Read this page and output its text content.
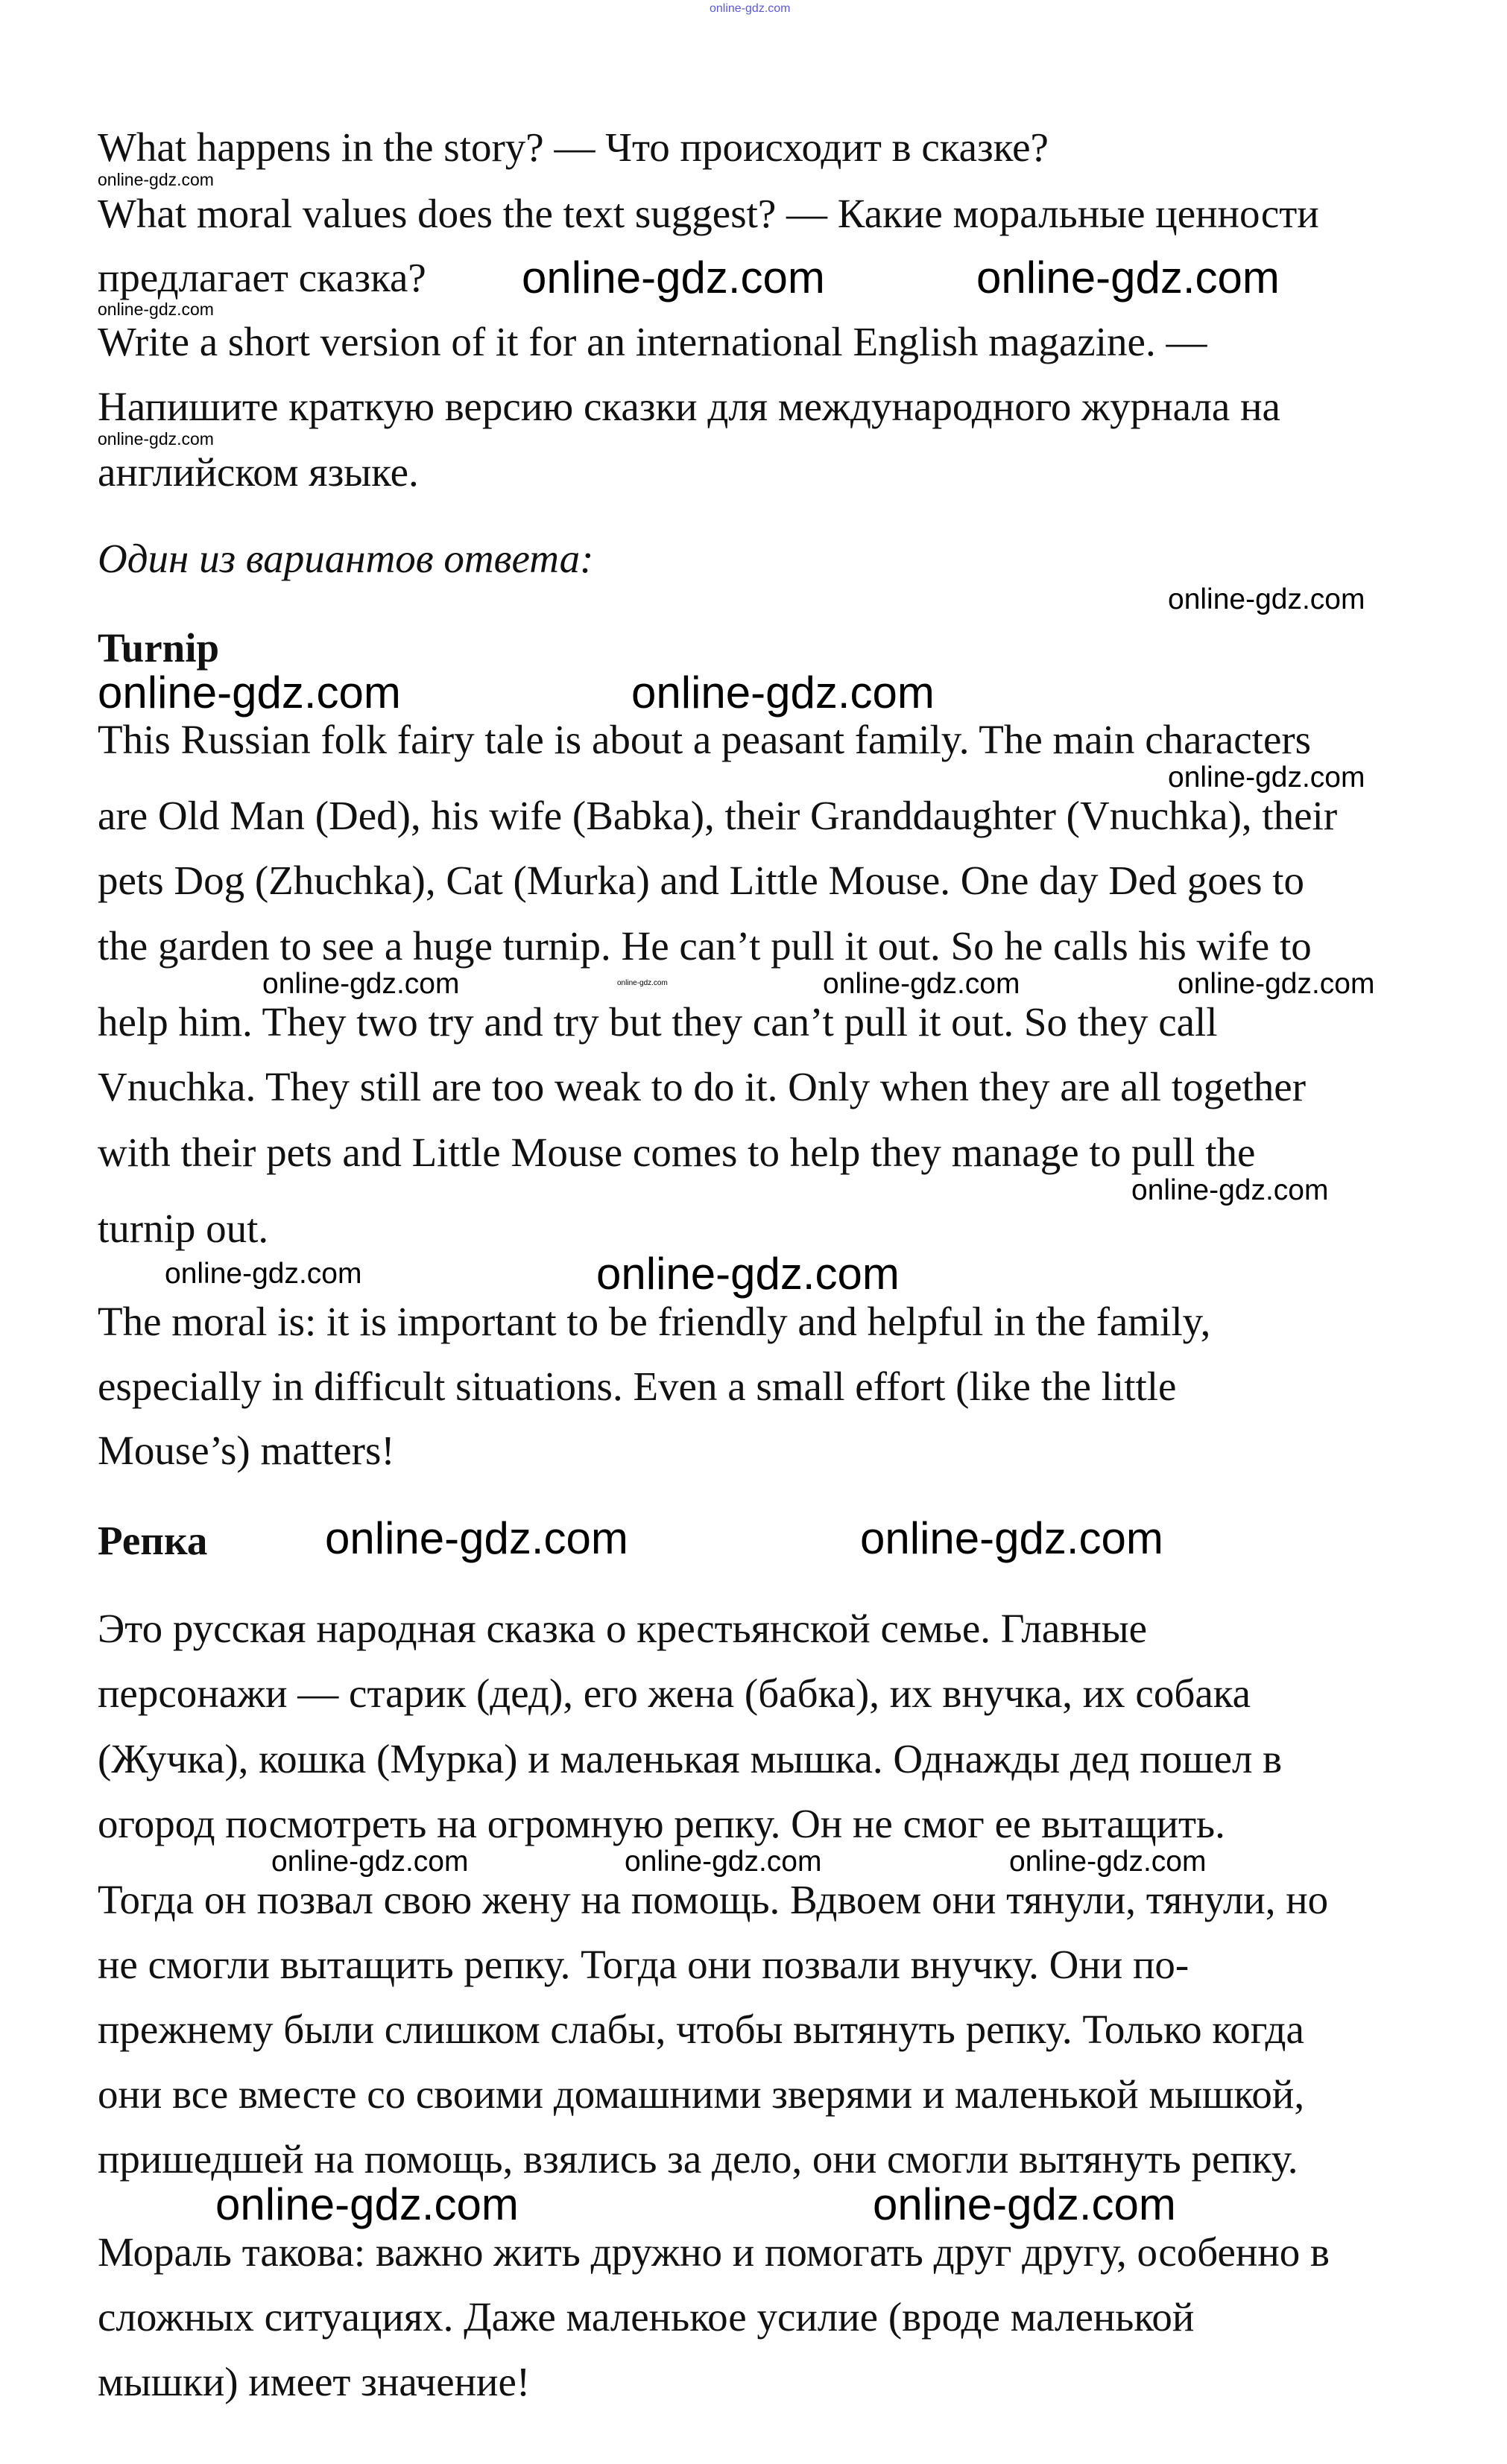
What happens in the story? — Что происходит в сказке?
What moral values does the text suggest? — Какие моральные ценности
предлагает сказка?
Write a short version of it for an international English magazine. —
Напишите краткую версию сказки для международного журнала на
английском языке.
Один из вариантов ответа:
Turnip
This Russian folk fairy tale is about a peasant family. The main characters
are Old Man (Ded), his wife (Babka), their Granddaughter (Vnuchka), their
pets Dog (Zhuchka), Cat (Murka) and Little Mouse. One day Ded goes to
the garden to see a huge turnip. He can’t pull it out. So he calls his wife to
help him. They two try and try but they can’t pull it out. So they call
Vnuchka. They still are too weak to do it. Only when they are all together
with their pets and Little Mouse comes to help they manage to pull the
turnip out.
The moral is: it is important to be friendly and helpful in the family,
especially in difficult situations. Even a small effort (like the little
Mouse’s) matters!
Репка
Это русская народная сказка о крестьянской семье. Главные
персонажи — старик (дед), его жена (бабка), их внучка, их собака
(Жучка), кошка (Мурка) и маленькая мышка. Однажды дед пошел в
огород посмотреть на огромную репку. Он не смог ее вытащить.
Тогда он позвал свою жену на помощь. Вдвоем они тянули, тянули, но
не смогли вытащить репку. Тогда они позвали внучку. Они по-
прежнему были слишком слабы, чтобы вытянуть репку. Только когда
они все вместе со своими домашними зверями и маленькой мышкой,
пришедшей на помощь, взялись за дело, они смогли вытянуть репку.
Мораль такова: важно жить дружно и помогать друг другу, особенно в
сложных ситуациях. Даже маленькое усилие (вроде маленькой
мышки) имеет значение!
online-gdz.com
online-gdz.com
online-gdz.com	online-gdz.com
online-gdz.com
online-gdz.com
online-gdz.com
online-gdz.com	online-gdz.com
online-gdz.com
online-gdz.com	online-gdz.com	online-gdz.com
online-gdz.com
online-gdz.com
online-gdz.com	online-gdz.com
online-gdz.com	online-gdz.com
online-gdz.com	online-gdz.com	online-gdz.com
online-gdz.com	online-gdz.com
